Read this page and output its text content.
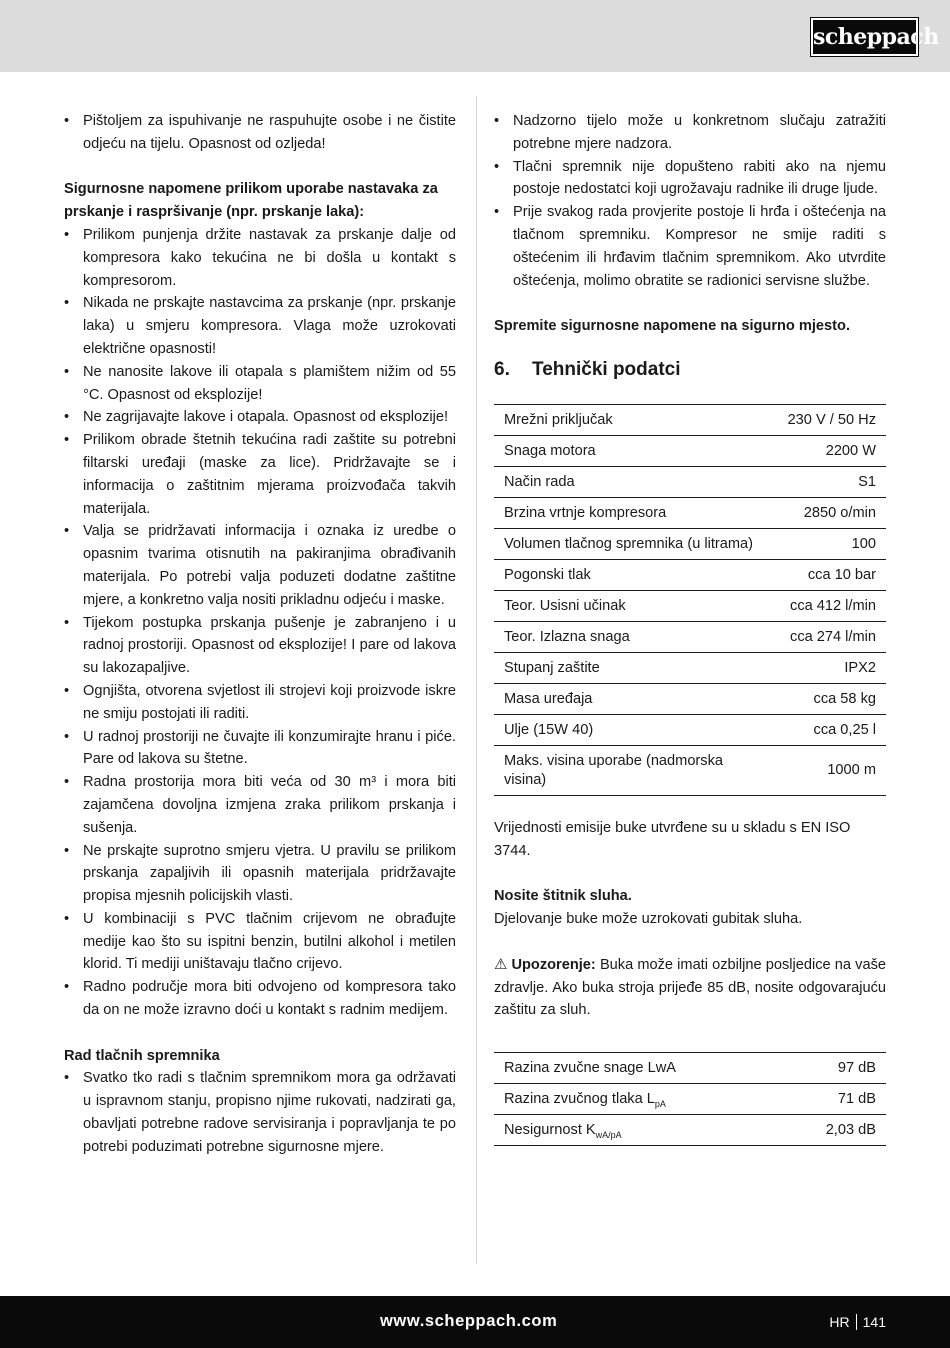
scheppach
• Pištoljem za ispuhivanje ne raspuhujte osobe i ne čistite odjeću na tijelu. Opasnost od ozljeda!

Sigurnosne napomene prilikom uporabe nastavaka za prskanje i raspršivanje (npr. prskanje laka):

• Prilikom punjenja držite nastavak za prskanje dalje od kompresora kako tekućina ne bi došla u kontakt s kompresorom.
• Nikada ne prskajte nastavcima za prskanje (npr. prskanje laka) u smjeru kompresora. Vlaga može uzrokovati električne opasnosti!
• Ne nanosite lakove ili otapala s plamištem nižim od 55 °C. Opasnost od eksplozije!
• Ne zagrijavajte lakove i otapala. Opasnost od eksplozije!
• Prilikom obrade štetnih tekućina radi zaštite su potrebni filtarski uređaji (maske za lice). Pridržavajte se i informacija o zaštitnim mjerama proizvođača takvih materijala.
• Valja se pridržavati informacija i oznaka iz uredbe o opasnim tvarima otisnutih na pakiranjima obrađivanih materijala. Po potrebi valja poduzeti dodatne zaštitne mjere, a konkretno valja nositi prikladnu odjeću i maske.
• Tijekom postupka prskanja pušenje je zabranjeno i u radnoj prostoriji. Opasnost od eksplozije! I pare od lakova su lakozapaljive.
• Ognjišta, otvorena svjetlost ili strojevi koji proizvode iskre ne smiju postojati ili raditi.
• U radnoj prostoriji ne čuvajte ili konzumirajte hranu i piće. Pare od lakova su štetne.
• Radna prostorija mora biti veća od 30 m³ i mora biti zajamčena dovoljna izmjena zraka prilikom prskanja i sušenja.
• Ne prskajte suprotno smjeru vjetra. U pravilu se prilikom prskanja zapaljivih ili opasnih materijala pridržavajte propisa mjesnih policijskih vlasti.
• U kombinaciji s PVC tlačnim crijevom ne obrađujte medije kao što su ispitni benzin, butilni alkohol i metilen klorid. Ti mediji uništavaju tlačno crijevo.
• Radno područje mora biti odvojeno od kompresora tako da on ne može izravno doći u kontakt s radnim medijem.

Rad tlačnih spremnika

• Svatko tko radi s tlačnim spremnikom mora ga održavati u ispravnom stanju, propisno njime rukovati, nadzirati ga, obavljati potrebne radove servisiranja i popravljanja te po potrebi poduzimati potrebne sigurnosne mjere.
• Nadzorno tijelo može u konkretnom slučaju zatražiti potrebne mjere nadzora.
• Tlačni spremnik nije dopušteno rabiti ako na njemu postoje nedostatci koji ugrožavaju radnike ili druge ljude.
• Prije svakog rada provjerite postoje li hrđa i oštećenja na tlačnom spremniku. Kompresor ne smije raditi s oštećenim ili hrđavim tlačnim spremnikom. Ako utvrdite oštećenja, molimo obratite se radionici servisne službe.

Spremite sigurnosne napomene na sigurno mjesto.

6. Tehnički podatci
Mrežni priključak	230 V / 50 Hz
Snaga motora	2200 W
Način rada	S1
Brzina vrtnje kompresora	2850 o/min
Volumen tlačnog spremnika (u litrama)	100
Pogonski tlak	cca 10 bar
Teor. Usisni učinak	cca 412 l/min
Teor. Izlazna snaga	cca 274 l/min
Stupanj zaštite	IPX2
Masa uređaja	cca 58 kg
Ulje (15W 40)	cca 0,25 l
Maks. visina uporabe (nadmorska visina)	1000 m

Vrijednosti emisije buke utvrđene su u skladu s EN ISO 3744.

Nosite štitnik sluha.

Djelovanje buke može uzrokovati gubitak sluha.

⚠ Upozorenje: Buka može imati ozbiljne posljedice na vaše zdravlje. Ako buka stroja prijeđe 85 dB, nosite odgovarajuću zaštitu za sluh.

Razina zvučne snage LwA	97 dB
Razina zvučnog tlaka $L_{pA}$	71 dB
Nesigurnost $K_{wA/pA}$	2,03 dB
www.scheppach.com	HR 141
